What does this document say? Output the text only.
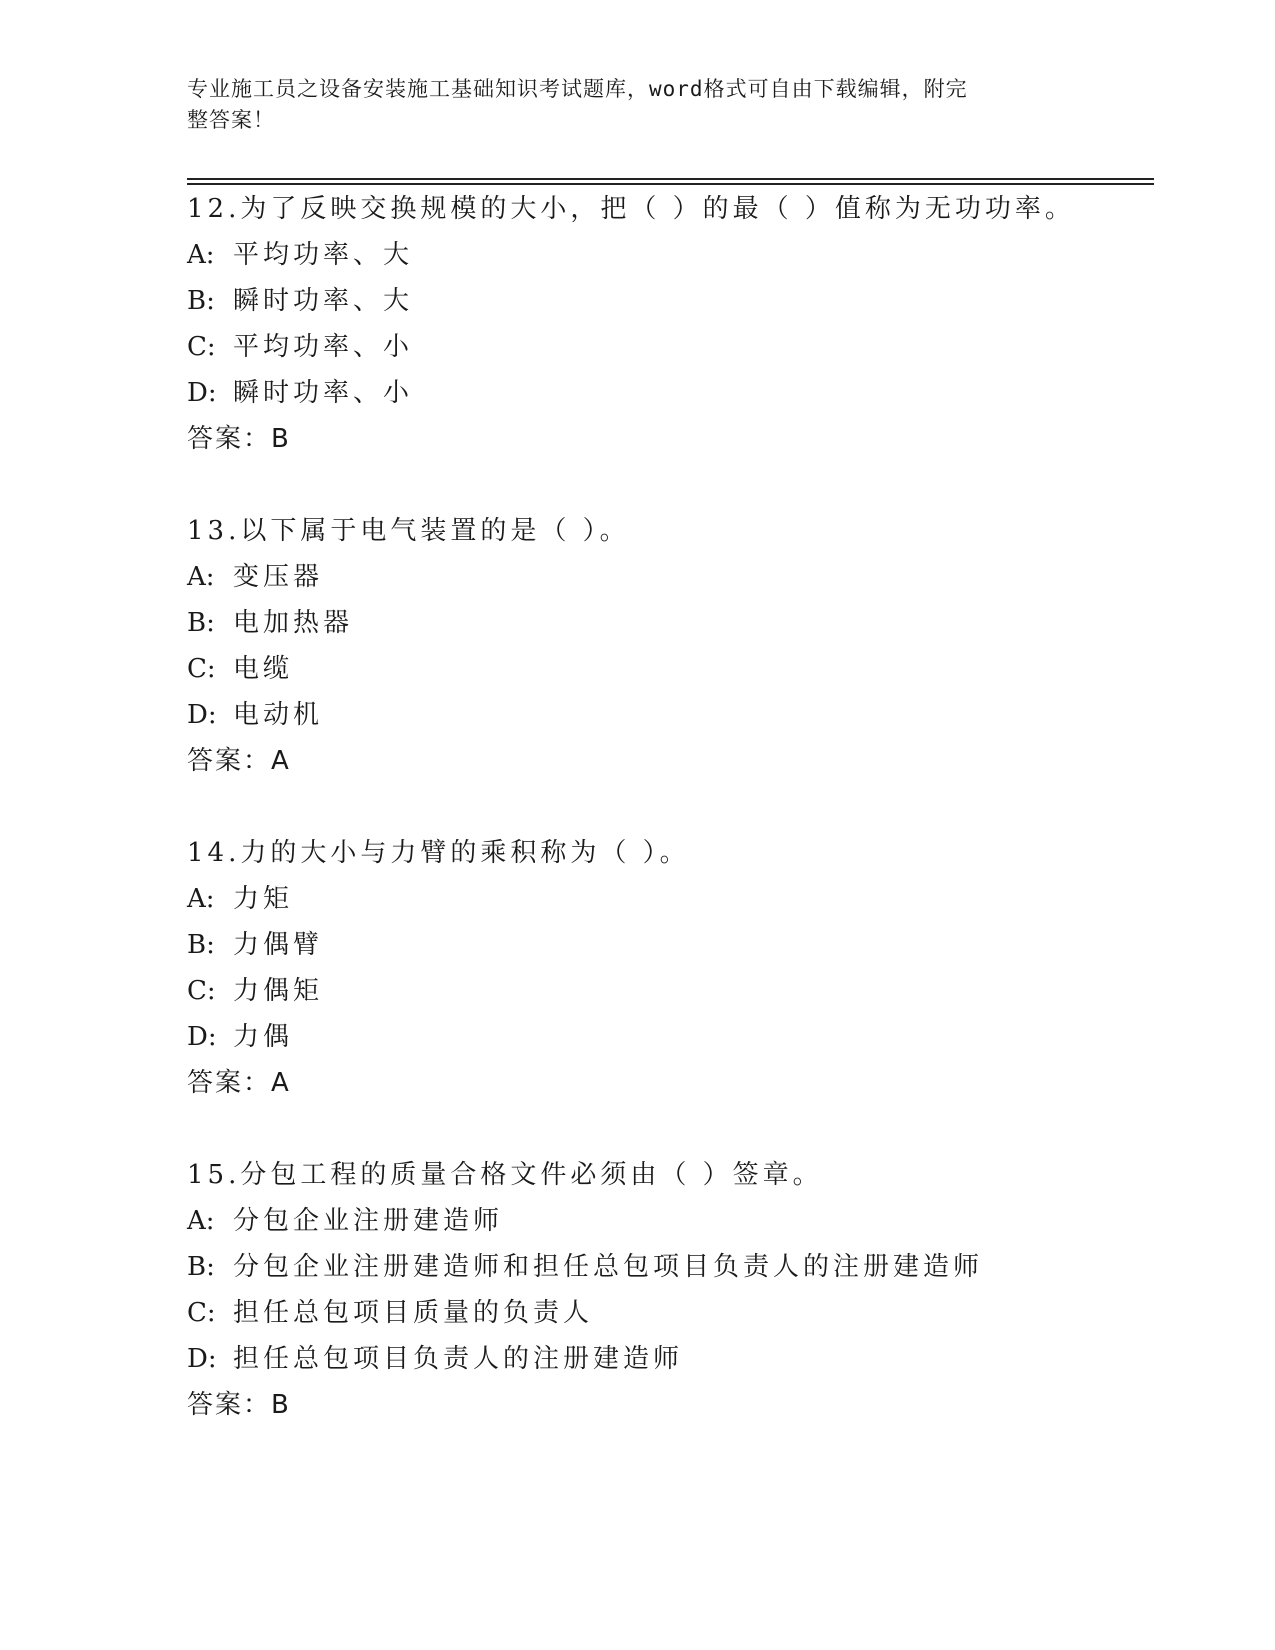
专业施工员之设备安装施工基础知识考试题库，word格式可自由下载编辑，附完
整答案！
12.为了反映交换规模的大小，把（ ）的最（ ）值称为无功功率。
A: 平均功率、大
B: 瞬时功率、大
C: 平均功率、小
D: 瞬时功率、小
答案：B
13.以下属于电气装置的是（ ）。
A: 变压器
B: 电加热器
C: 电缆
D: 电动机
答案：A
14.力的大小与力臂的乘积称为（ ）。
A: 力矩
B: 力偶臂
C: 力偶矩
D: 力偶
答案：A
15.分包工程的质量合格文件必须由（ ）签章。
A: 分包企业注册建造师
B: 分包企业注册建造师和担任总包项目负责人的注册建造师
C: 担任总包项目质量的负责人
D: 担任总包项目负责人的注册建造师
答案：B
